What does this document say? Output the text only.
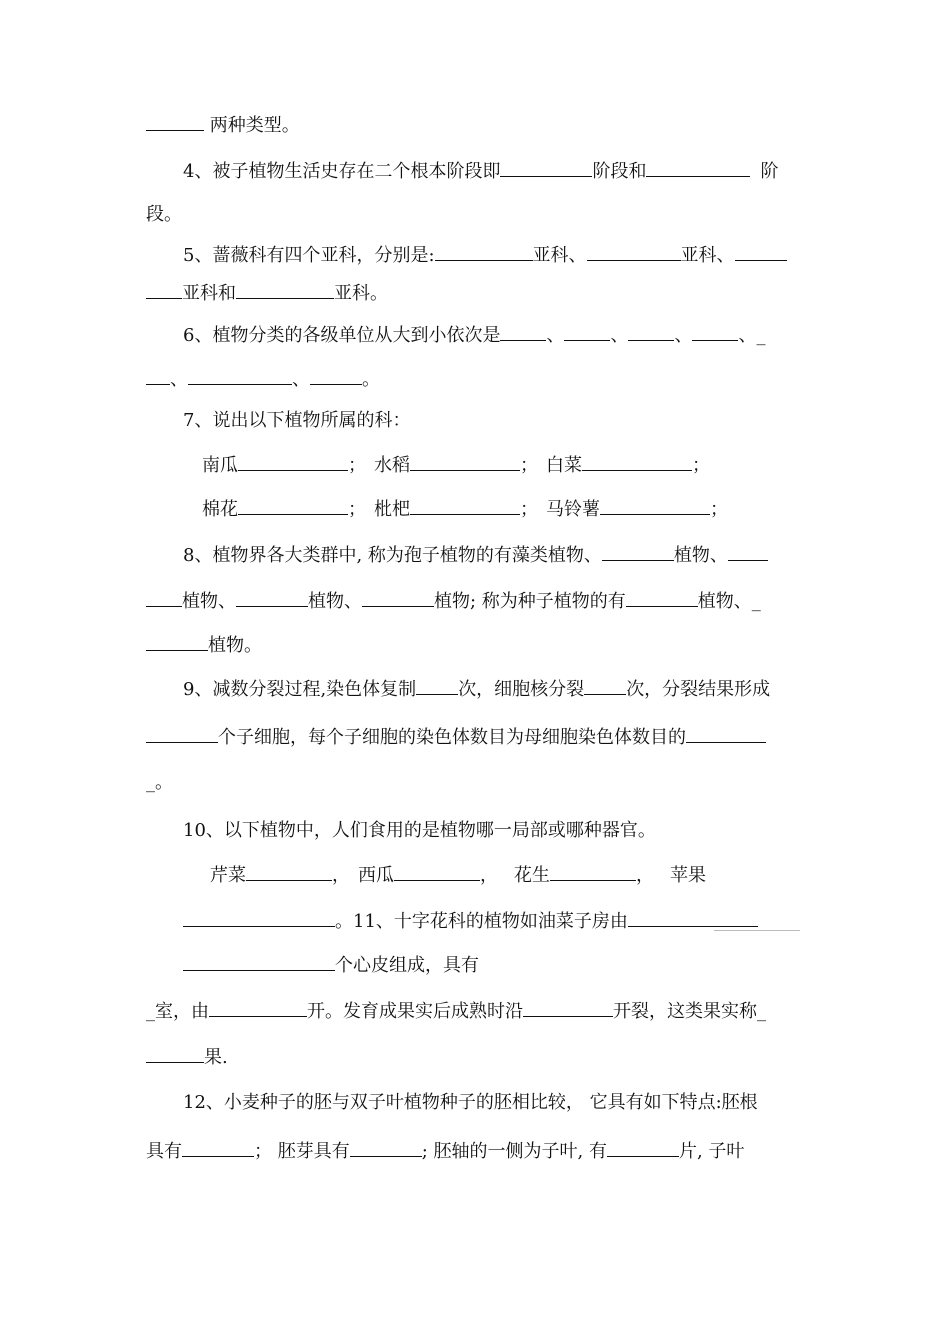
两种类型。
4、被子植物生活史存在二个根本阶段即	阶段和	阶
段。
5、蔷薇科有四个亚科，分别是:	亚科、	亚科、
亚科和	亚科。
6、植物分类的各级单位从大到小依次是	、	、	、	、_
、	、	。
7、说出以下植物所属的科：
南瓜	； 水稻	； 白菜	；
棉花	； 枇杷	； 马铃薯	；
8、植物界各大类群中, 称为孢子植物的有藻类植物、	植物、
植物、	植物、	植物; 称为种子植物的有	植物、_
植物。
9、减数分裂过程,染色体复制 次，细胞核分裂 次，分裂结果形成
个子细胞，每个子细胞的染色体数目为母细胞染色体数目的
_。
10、以下植物中，人们食用的是植物哪一局部或哪种器官。
芹菜	， 西瓜	， 花生	， 苹果
。11、十字花科的植物如油菜子房由
个心皮组成，具有
_室，由	开。发育成果实后成熟时沿	开裂，这类果实称_
果.
12、小麦种子的胚与双子叶植物种子的胚相比较， 它具有如下特点:胚根
具有	； 胚芽具有	; 胚轴的一侧为子叶, 有	片, 子叶
